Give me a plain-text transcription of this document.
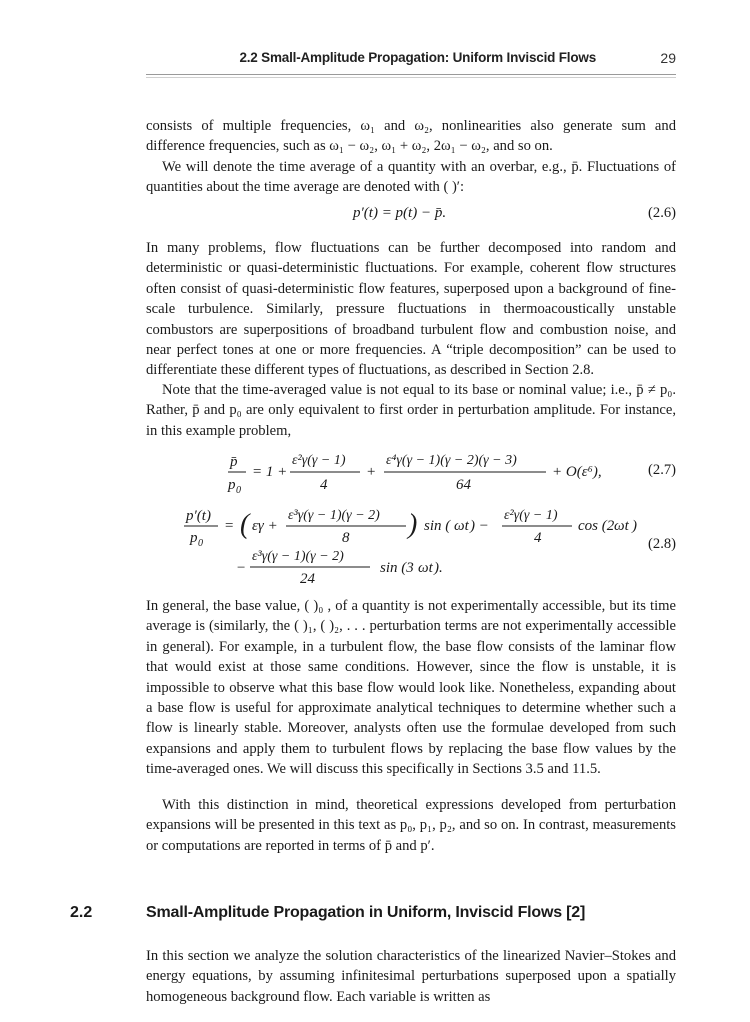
2.2 Small-Amplitude Propagation: Uniform Inviscid Flows	29

consists of multiple frequencies, ω₁ and ω₂, nonlinearities also generate sum and difference frequencies, such as ω₁ − ω₂, ω₁ + ω₂, 2ω₁ − ω₂, and so on.

We will denote the time average of a quantity with an overbar, e.g., p̄. Fluctuations of quantities about the time average are denoted with ( )′:

p′(t) = p(t) − p̄.	(2.6)

In many problems, flow fluctuations can be further decomposed into random and deterministic or quasi-deterministic fluctuations. For example, coherent flow structures often consist of quasi-deterministic flow features, superposed upon a background of fine-scale turbulence. Similarly, pressure fluctuations in thermoacoustically unstable combustors are superpositions of broadband turbulent flow and combustion noise, and near perfect tones at one or more frequencies. A “triple decomposition” can be used to differentiate these different types of fluctuations, as described in Section 2.8.

Note that the time-averaged value is not equal to its base or nominal value; i.e., p̄ ≠ p₀. Rather, p̄ and p₀ are only equivalent to first order in perturbation amplitude. For instance, in this example problem,

p̄
p 0
= 1 +
ε²γ(γ − 1)
4
+
ε⁴γ(γ − 1)(γ − 2)(γ − 3)
64
+ O(ε⁶),	(2.7)
p′(t)
p 0
= ( εγ +
ε³γ(γ − 1)(γ − 2)
8 ) sin ( ωt ) −
ε²γ(γ − 1)
4
cos (2 ωt )
−
ε³γ(γ − 1)(γ − 2)
24
sin (3 ωt ).
(2.8)

In general, the base value, ( )₀ , of a quantity is not experimentally accessible, but its time average is (similarly, the ( )₁, ( )₂, . . . perturbation terms are not experimentally accessible in general). For example, in a turbulent flow, the base flow consists of the laminar flow that would exist at those same conditions. However, since the flow is unstable, it is impossible to observe what this base flow would look like. Nonetheless, expanding about a base flow is useful for approximate analytical techniques to determine whether such a flow is linearly stable. Moreover, analysts often use the formulae developed from such expansions and apply them to turbulent flows by replacing the base flow values by the time-averaged ones. We will discuss this specifically in Sections 3.5 and 11.5.

With this distinction in mind, theoretical expressions developed from perturbation expansions will be presented in this text as p₀, p₁, p₂, and so on. In contrast, measurements or computations are reported in terms of p̄ and p′.

2.2	Small-Amplitude Propagation in Uniform, Inviscid Flows [2]

In this section we analyze the solution characteristics of the linearized Navier–Stokes and energy equations, by assuming infinitesimal perturbations superposed upon a spatially homogeneous background flow. Each variable is written as
